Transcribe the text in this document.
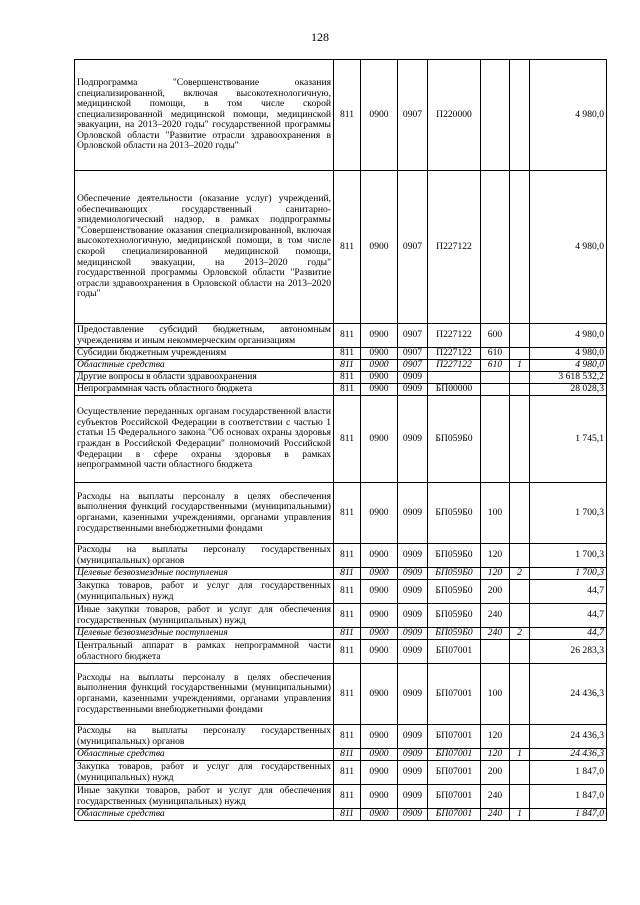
128
Подпрограмма "Совершенствование оказания специализированной, включая высокотехнологичную, медицинской помощи, в том числе скорой специализированной медицинской помощи, медицинской эвакуации, на 2013–2020 годы" государственной программы Орловской области "Развитие отрасли здравоохранения в Орловской области на 2013–2020 годы"	811	0900	0907	П220000			4 980,0
Обеспечение деятельности (оказание услуг) учреждений, обеспечивающих государственный санитарно-эпидемиологический надзор, в рамках подпрограммы "Совершенствование оказания специализированной, включая высокотехнологичную, медицинской помощи, в том числе скорой специализированной медицинской помощи, медицинской эвакуации, на 2013–2020 годы" государственной программы Орловской области "Развитие отрасли здравоохранения в Орловской области на 2013–2020 годы"	811	0900	0907	П227122			4 980,0
Предоставление субсидий бюджетным, автономным учреждениям и иным некоммерческим организациям	811	0900	0907	П227122	600		4 980,0
Субсидии бюджетным учреждениям	811	0900	0907	П227122	610		4 980,0
Областные средства	811	0900	0907	П227122	610	1	4 980,0
Другие вопросы в области здравоохранения	811	0900	0909				3 618 532,2
Непрограммная часть областного бюджета	811	0900	0909	БП00000			28 028,3
Осуществление переданных органам государственной власти субъектов Российской Федерации в соответствии с частью 1 статьи 15 Федерального закона "Об основах охраны здоровья граждан в Российской Федерации" полномочий Российской Федерации в сфере охраны здоровья в рамках непрограммной части областного бюджета	811	0900	0909	БП059Б0			1 745,1
Расходы на выплаты персоналу в целях обеспечения выполнения функций государственными (муниципальными) органами, казенными учреждениями, органами управления государственными внебюджетными фондами	811	0900	0909	БП059Б0	100		1 700,3
Расходы на выплаты персоналу государственных (муниципальных) органов	811	0900	0909	БП059Б0	120		1 700,3
Целевые безвозмездные поступления	811	0900	0909	БП059Б0	120	2	1 700,3
Закупка товаров, работ и услуг для государственных (муниципальных) нужд	811	0900	0909	БП059Б0	200		44,7
Иные закупки товаров, работ и услуг для обеспечения государственных (муниципальных) нужд	811	0900	0909	БП059Б0	240		44,7
Целевые безвозмездные поступления	811	0900	0909	БП059Б0	240	2	44,7
Центральный аппарат в рамках непрограммной части областного бюджета	811	0900	0909	БП07001			26 283,3
Расходы на выплаты персоналу в целях обеспечения выполнения функций государственными (муниципальными) органами, казенными учреждениями, органами управления государственными внебюджетными фондами	811	0900	0909	БП07001	100		24 436,3
Расходы на выплаты персоналу государственных (муниципальных) органов	811	0900	0909	БП07001	120		24 436,3
Областные средства	811	0900	0909	БП07001	120	1	24 436,3
Закупка товаров, работ и услуг для государственных (муниципальных) нужд	811	0900	0909	БП07001	200		1 847,0
Иные закупки товаров, работ и услуг для обеспечения государственных (муниципальных) нужд	811	0900	0909	БП07001	240		1 847,0
Областные средства	811	0900	0909	БП07001	240	1	1 847,0
